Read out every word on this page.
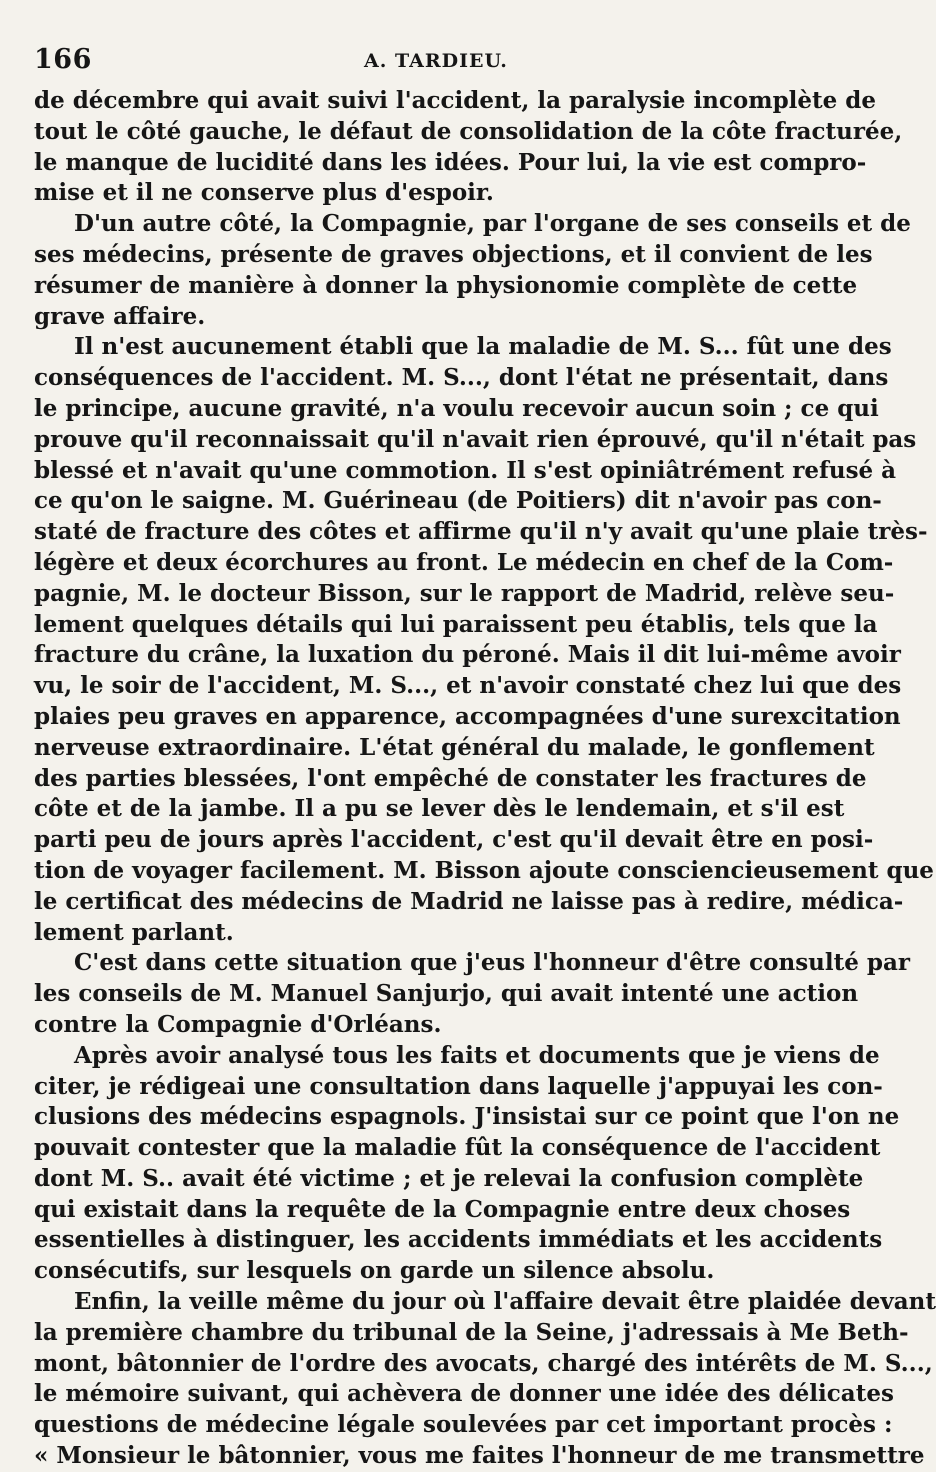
166	A. TARDIEU.
de décembre qui avait suivi l'accident, la paralysie incomplète de
tout le côté gauche, le défaut de consolidation de la côte fracturée,
le manque de lucidité dans les idées. Pour lui, la vie est compro-
mise et il ne conserve plus d'espoir.
D'un autre côté, la Compagnie, par l'organe de ses conseils et de
ses médecins, présente de graves objections, et il convient de les
résumer de manière à donner la physionomie complète de cette
grave affaire.
Il n'est aucunement établi que la maladie de M. S... fût une des
conséquences de l'accident. M. S..., dont l'état ne présentait, dans
le principe, aucune gravité, n'a voulu recevoir aucun soin ; ce qui
prouve qu'il reconnaissait qu'il n'avait rien éprouvé, qu'il n'était pas
blessé et n'avait qu'une commotion. Il s'est opiniâtrément refusé à
ce qu'on le saigne. M. Guérineau (de Poitiers) dit n'avoir pas con-
staté de fracture des côtes et affirme qu'il n'y avait qu'une plaie très-
légère et deux écorchures au front. Le médecin en chef de la Com-
pagnie, M. le docteur Bisson, sur le rapport de Madrid, relève seu-
lement quelques détails qui lui paraissent peu établis, tels que la
fracture du crâne, la luxation du péroné. Mais il dit lui-même avoir
vu, le soir de l'accident, M. S..., et n'avoir constaté chez lui que des
plaies peu graves en apparence, accompagnées d'une surexcitation
nerveuse extraordinaire. L'état général du malade, le gonflement
des parties blessées, l'ont empêché de constater les fractures de
côte et de la jambe. Il a pu se lever dès le lendemain, et s'il est
parti peu de jours après l'accident, c'est qu'il devait être en posi-
tion de voyager facilement. M. Bisson ajoute consciencieusement que
le certificat des médecins de Madrid ne laisse pas à redire, médica-
lement parlant.
C'est dans cette situation que j'eus l'honneur d'être consulté par
les conseils de M. Manuel Sanjurjo, qui avait intenté une action
contre la Compagnie d'Orléans.
Après avoir analysé tous les faits et documents que je viens de
citer, je rédigeai une consultation dans laquelle j'appuyai les con-
clusions des médecins espagnols. J'insistai sur ce point que l'on ne
pouvait contester que la maladie fût la conséquence de l'accident
dont M. S.. avait été victime ; et je relevai la confusion complète
qui existait dans la requête de la Compagnie entre deux choses
essentielles à distinguer, les accidents immédiats et les accidents
consécutifs, sur lesquels on garde un silence absolu.
Enfin, la veille même du jour où l'affaire devait être plaidée devant
la première chambre du tribunal de la Seine, j'adressais à Me Beth-
mont, bâtonnier de l'ordre des avocats, chargé des intérêts de M. S...,
le mémoire suivant, qui achèvera de donner une idée des délicates
questions de médecine légale soulevées par cet important procès :
« Monsieur le bâtonnier, vous me faites l'honneur de me transmettre
